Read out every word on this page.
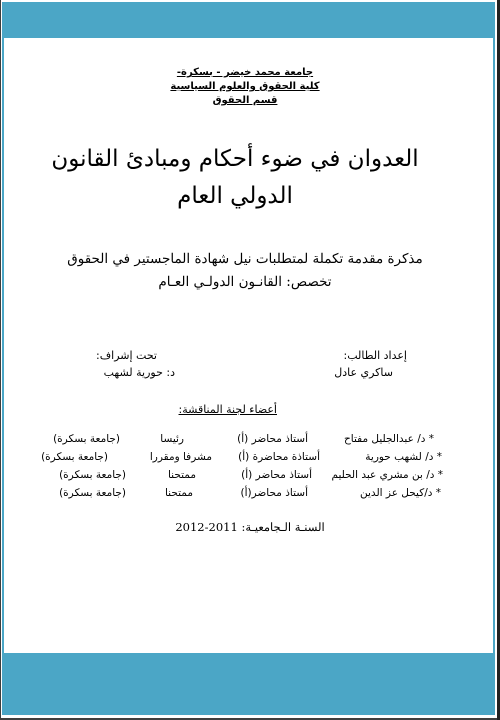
جامعة محمد خيضر - بسكرة-
كلية الحقوق والعلوم السياسية
قسم الحقوق
العدوان في ضوء أحكام ومبادئ القانون
الدولي العام
مذكرة مقدمة تكملة لمتطلبات نيل شهادة الماجستير في الحقوق
تخصص: القانـون الدولـي العـام
إعداد الطالب:
تحت إشراف:
ساكري عادل
د: حورية لشهب
أعضاء لجنة المناقشة:
* د/ عبدالجليل مفتاح
أستاذ محاضر (أ)
رئيسا
(جامعة بسكرة)
* د/ لشهب حورية
أستاذة محاضرة (أ)
مشرفا ومقررا
(جامعة بسكرة)
* د/ بن مشري عبد الحليم
أستاذ محاضر (أ)
ممتحنا
(جامعة بسكرة)
* د/كيحل عز الدين
أستاذ محاضر(أ)
ممتحنا
(جامعة بسكرة)
السنـة الـجامعيـة: 2011-2012
